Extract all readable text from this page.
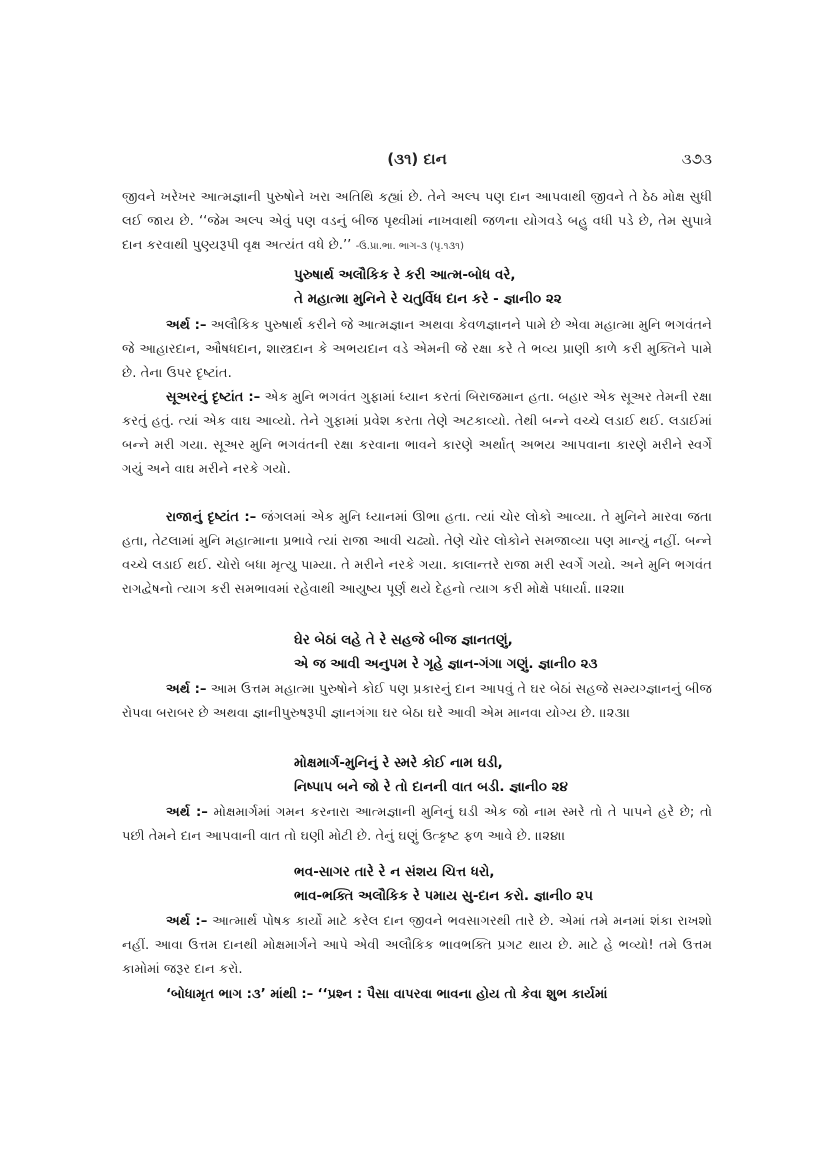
(૩૧) દાન	૩૭૩

જીવને ખરેખર આત્મજ્ઞાની પુરુષોને ખરા અતિથિ કહ્યાં છે. તેને અલ્પ પણ દાન આપવાથી જીવને તે ઠેઠ મોક્ષ સુધી લઈ જાય છે. ‘‘જેમ અલ્પ એવું પણ વડનું બીજ પૃથ્વીમાં નાખવાથી જળના યોગવડે બહુ વધી પડે છે, તેમ સુપાત્રે દાન કરવાથી પુણ્યરૂપી વૃક્ષ અત્યંત વધે છે.’’ -ઉ.પ્રા.ભા. ભાગ-૩ (પૃ.૧૩૧)

પુરુષાર્થ અલૌકિક રે કરી આત્મ-બોધ વરે,
તે મહાત્મા મુનિને રે ચતુર્વિધ દાન કરે - જ્ઞાની૦ ૨૨

અર્થ :– અલૌકિક પુરુષાર્થ કરીને જે આત્મજ્ઞાન અથવા કેવળજ્ઞાનને પામે છે એવા મહાત્મા મુનિ ભગવંતને જે આહારદાન, ઔષધદાન, શાસ્ત્રદાન કે અભયદાન વડે એમની જે રક્ષા કરે તે ભવ્ય પ્રાણી કાળે કરી મુક્તિને પામે છે. તેના ઉપર દૃષ્ટાંત.

સૂઅરનું દૃષ્ટાંત :– એક મુનિ ભગવંત ગુફામાં ધ્યાન કરતાં બિરાજમાન હતા. બહાર એક સૂઅર તેમની રક્ષા કરતું હતું. ત્યાં એક વાઘ આવ્યો. તેને ગુફામાં પ્રવેશ કરતા તેણે અટકાવ્યો. તેથી બન્ને વચ્ચે લડાઈ થઈ. લડાઈમાં બન્ને મરી ગયા. સૂઅર મુનિ ભગવંતની રક્ષા કરવાના ભાવને કારણે અર્થાત્ અભય આપવાના કારણે મરીને સ્વર્ગે ગયું અને વાઘ મરીને નરકે ગયો.

રાજાનું દૃષ્ટાંત :– જંગલમાં એક મુનિ ધ્યાનમાં ઊભા હતા. ત્યાં ચોર લોકો આવ્યા. તે મુનિને મારવા જતા હતા, તેટલામાં મુનિ મહાત્માના પ્રભાવે ત્યાં રાજા આવી ચઢ્યો. તેણે ચોર લોકોને સમજાવ્યા પણ માન્યું નહીં. બન્ને વચ્ચે લડાઈ થઈ. ચોરો બધા મૃત્યુ પામ્યા. તે મરીને નરકે ગયા. કાલાન્તરે રાજા મરી સ્વર્ગે ગયો. અને મુનિ ભગવંત રાગદ્વેષનો ત્યાગ કરી સમભાવમાં રહેવાથી આયુષ્ય પૂર્ણ થયે દેહનો ત્યાગ કરી મોક્ષે પધાર્યા. ।।૨૨।।

ઘેર બેઠાં લહે તે રે સહજે બીજ જ્ઞાનતણું,
એ જ આવી અનુપમ રે ગૃહે જ્ઞાન-ગંગા ગણું. જ્ઞાની૦ ૨૩

અર્થ :– આમ ઉત્તમ મહાત્મા પુરુષોને કોઈ પણ પ્રકારનું દાન આપવું તે ઘર બેઠાં સહજે સમ્યગ્જ્ઞાનનું બીજ રોપવા બરાબર છે અથવા જ્ઞાનીપુરુષરૂપી જ્ઞાનગંગા ઘર બેઠા ઘરે આવી એમ માનવા યોગ્ય છે. ।।૨૩।।

મોક્ષમાર્ગ-મુનિનું રે સ્મરે કોઈ નામ ઘડી,
નિષ્પાપ બને જો રે તો દાનની વાત બડી. જ્ઞાની૦ ૨૪

અર્થ :– મોક્ષમાર્ગમાં ગમન કરનારા આત્મજ્ઞાની મુનિનું ઘડી એક જો નામ સ્મરે તો તે પાપને હરે છે; તો પછી તેમને દાન આપવાની વાત તો ઘણી મોટી છે. તેનું ઘણું ઉત્કૃષ્ટ ફળ આવે છે. ।।૨૪।।

ભવ-સાગર તારે રે ન સંશય ચિત્ત ધરો,
ભાવ-ભક્તિ અલૌકિક રે પમાય સુ-દાન કરો. જ્ઞાની૦ ૨૫

અર્થ :– આત્માર્થ પોષક કાર્યો માટે કરેલ દાન જીવને ભવસાગરથી તારે છે. એમાં તમે મનમાં શંકા રાખશો નહીં. આવા ઉત્તમ દાનથી મોક્ષમાર્ગને આપે એવી અલૌકિક ભાવભક્તિ પ્રગટ થાય છે. માટે હે ભવ્યો! તમે ઉત્તમ કામોમાં જરૂર દાન કરો.

‘બોધામૃત ભાગ :૩’ માંથી :– ‘‘પ્રશ્ન : પૈસા વાપરવા ભાવના હોય તો કેવા શુભ કાર્યમાં
